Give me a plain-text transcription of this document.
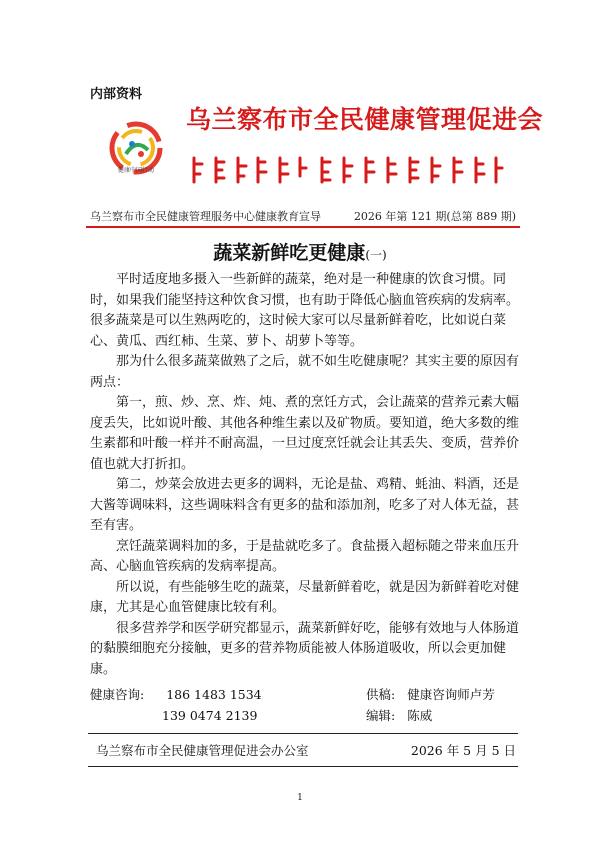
内部资料
健康中国行动
乌兰察布市全民健康管理促进会
乌兰察布市全民健康管理服务中心健康教育宣导	2026 年第 121 期(总第 889 期)
蔬菜新鲜吃更健康(一)

平时适度地多摄入一些新鲜的蔬菜，绝对是一种健康的饮食习惯。同时，如果我们能坚持这种饮食习惯，也有助于降低心脑血管疾病的发病率。很多蔬菜是可以生熟两吃的，这时候大家可以尽量新鲜着吃，比如说白菜心、黄瓜、西红柿、生菜、萝卜、胡萝卜等等。

那为什么很多蔬菜做熟了之后，就不如生吃健康呢？其实主要的原因有两点：

第一，煎、炒、烹、炸、炖、煮的烹饪方式，会让蔬菜的营养元素大幅度丢失，比如说叶酸、其他各种维生素以及矿物质。要知道，绝大多数的维生素都和叶酸一样并不耐高温，一旦过度烹饪就会让其丢失、变质，营养价值也就大打折扣。

第二，炒菜会放进去更多的调料，无论是盐、鸡精、蚝油、料酒，还是大酱等调味料，这些调味料含有更多的盐和添加剂，吃多了对人体无益，甚至有害。

烹饪蔬菜调料加的多，于是盐就吃多了。食盐摄入超标随之带来血压升高、心脑血管疾病的发病率提高。

所以说，有些能够生吃的蔬菜，尽量新鲜着吃，就是因为新鲜着吃对健康，尤其是心血管健康比较有利。

很多营养学和医学研究都显示，蔬菜新鲜好吃，能够有效地与人体肠道的黏膜细胞充分接触，更多的营养物质能被人体肠道吸收，所以会更加健康。

健康咨询: 186 1483 1534	供稿: 健康咨询师卢芳
139 0474 2139	编辑: 陈威
乌兰察布市全民健康管理促进会办公室	2026 年 5 月 5 日
1
